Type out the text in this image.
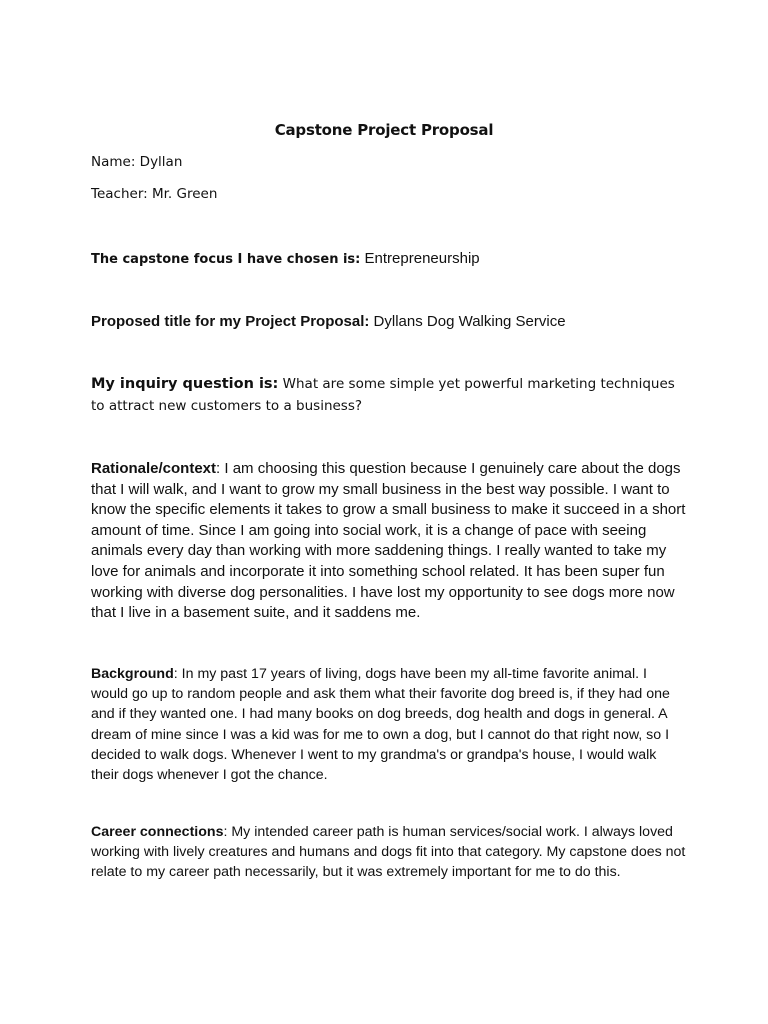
Capstone Project Proposal
Name: Dyllan
Teacher: Mr. Green
The capstone focus I have chosen is: Entrepreneurship
Proposed title for my Project Proposal: Dyllans Dog Walking Service
My inquiry question is: What are some simple yet powerful marketing techniques to attract new customers to a business?
Rationale/context: I am choosing this question because I genuinely care about the dogs that I will walk, and I want to grow my small business in the best way possible. I want to know the specific elements it takes to grow a small business to make it succeed in a short amount of time. Since I am going into social work, it is a change of pace with seeing animals every day than working with more saddening things. I really wanted to take my love for animals and incorporate it into something school related. It has been super fun working with diverse dog personalities. I have lost my opportunity to see dogs more now that I live in a basement suite, and it saddens me.
Background: In my past 17 years of living, dogs have been my all-time favorite animal. I would go up to random people and ask them what their favorite dog breed is, if they had one and if they wanted one. I had many books on dog breeds, dog health and dogs in general. A dream of mine since I was a kid was for me to own a dog, but I cannot do that right now, so I decided to walk dogs. Whenever I went to my grandma's or grandpa's house, I would walk their dogs whenever I got the chance.
Career connections: My intended career path is human services/social work. I always loved working with lively creatures and humans and dogs fit into that category. My capstone does not relate to my career path necessarily, but it was extremely important for me to do this.
